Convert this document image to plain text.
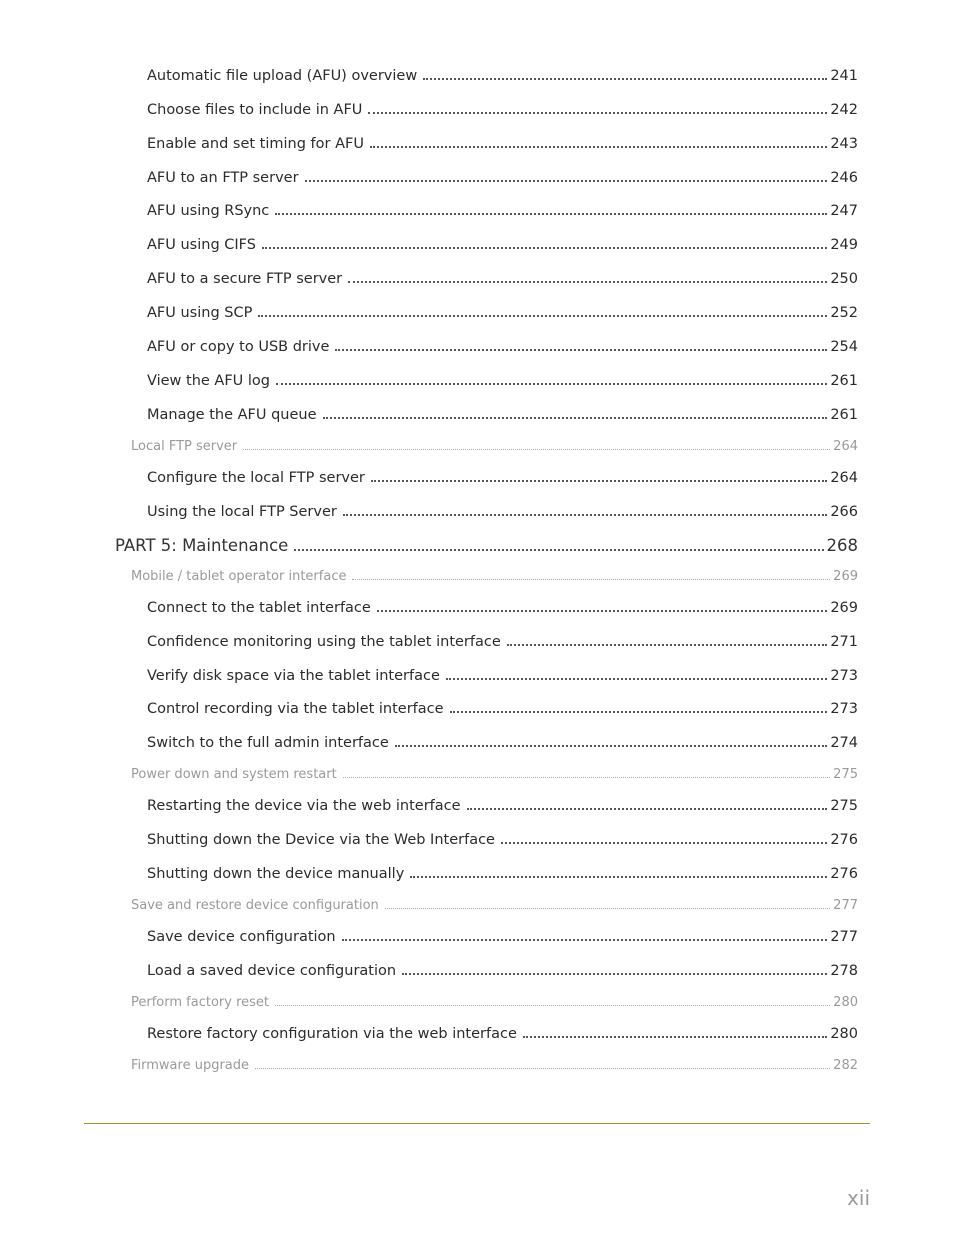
Automatic file upload (AFU) overview	241
Choose files to include in AFU	242
Enable and set timing for AFU	243
AFU to an FTP server	246
AFU using RSync	247
AFU using CIFS	249
AFU to a secure FTP server	250
AFU using SCP	252
AFU or copy to USB drive	254
View the AFU log	261
Manage the AFU queue	261
Local FTP server	264
Configure the local FTP server	264
Using the local FTP Server	266
PART 5: Maintenance	268
Mobile / tablet operator interface	269
Connect to the tablet interface	269
Confidence monitoring using the tablet interface	271
Verify disk space via the tablet interface	273
Control recording via the tablet interface	273
Switch to the full admin interface	274
Power down and system restart	275
Restarting the device via the web interface	275
Shutting down the Device via the Web Interface	276
Shutting down the device manually	276
Save and restore device configuration	277
Save device configuration	277
Load a saved device configuration	278
Perform factory reset	280
Restore factory configuration via the web interface	280
Firmware upgrade	282
xii
